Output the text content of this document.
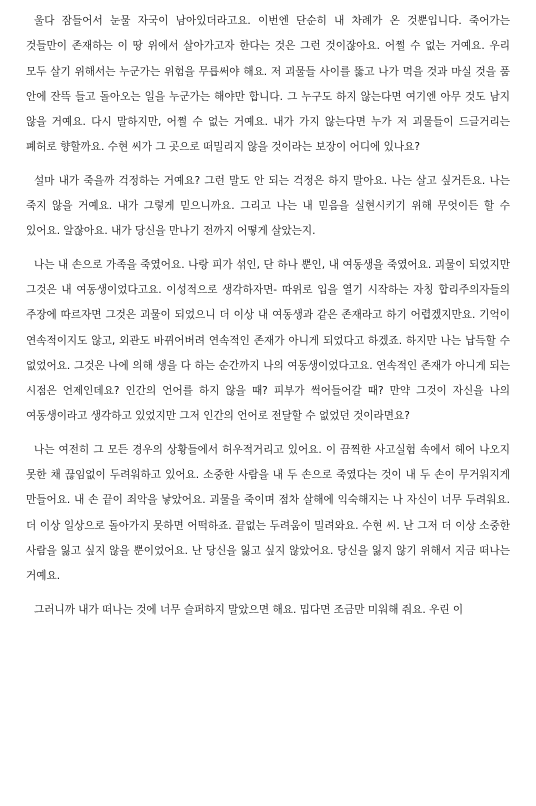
울다 잠들어서 눈물 자국이 남아있더라고요. 이번엔 단순히 내 차례가 온 것뿐입니다. 죽어가는 것들만이 존재하는 이 땅 위에서 살아가고자 한다는 것은 그런 것이잖아요. 어쩔 수 없는 거예요. 우리 모두 살기 위해서는 누군가는 위험을 무릅써야 해요. 저 괴물들 사이를 뚫고 나가 먹을 것과 마실 것을 품 안에 잔뜩 들고 돌아오는 일을 누군가는 해야만 합니다. 그 누구도 하지 않는다면 여기엔 아무 것도 남지 않을 거예요. 다시 말하지만, 어쩔 수 없는 거예요. 내가 가지 않는다면 누가 저 괴물들이 드글거리는 폐허로 향할까요. 수현 씨가 그 곳으로 떠밀리지 않을 것이라는 보장이 어디에 있나요?

설마 내가 죽을까 걱정하는 거예요? 그런 말도 안 되는 걱정은 하지 말아요. 나는 살고 싶거든요. 나는 죽지 않을 거예요. 내가 그렇게 믿으니까요. 그리고 나는 내 믿음을 실현시키기 위해 무엇이든 할 수 있어요. 알잖아요. 내가 당신을 만나기 전까지 어떻게 살았는지.

나는 내 손으로 가족을 죽였어요. 나랑 피가 섞인, 단 하나 뿐인, 내 여동생을 죽였어요. 괴물이 되었지만 그것은 내 여동생이었다고요. 이성적으로 생각하자면- 따위로 입을 열기 시작하는 자칭 합리주의자들의 주장에 따르자면 그것은 괴물이 되었으니 더 이상 내 여동생과 같은 존재라고 하기 어렵겠지만요. 기억이 연속적이지도 않고, 외관도 바뀌어버려 연속적인 존재가 아니게 되었다고 하겠죠. 하지만 나는 납득할 수 없었어요. 그것은 나에 의해 생을 다 하는 순간까지 나의 여동생이었다고요. 연속적인 존재가 아니게 되는 시점은 언제인데요? 인간의 언어를 하지 않을 때? 피부가 썩어들어갈 때? 만약 그것이 자신을 나의 여동생이라고 생각하고 있었지만 그저 인간의 언어로 전달할 수 없었던 것이라면요?

나는 여전히 그 모든 경우의 상황들에서 허우적거리고 있어요. 이 끔찍한 사고실험 속에서 헤어 나오지 못한 채 끊임없이 두려워하고 있어요. 소중한 사람을 내 두 손으로 죽였다는 것이 내 두 손이 무거워지게 만들어요. 내 손 끝이 죄악을 낳았어요. 괴물을 죽이며 점차 살해에 익숙해지는 나 자신이 너무 두려워요. 더 이상 일상으로 돌아가지 못하면 어떡하죠. 끝없는 두려움이 밀려와요. 수현 씨. 난 그저 더 이상 소중한 사람을 잃고 싶지 않을 뿐이었어요. 난 당신을 잃고 싶지 않았어요. 당신을 잃지 않기 위해서 지금 떠나는 거예요.

그러니까 내가 떠나는 것에 너무 슬퍼하지 말았으면 해요. 밉다면 조금만 미워해 줘요. 우린 이
